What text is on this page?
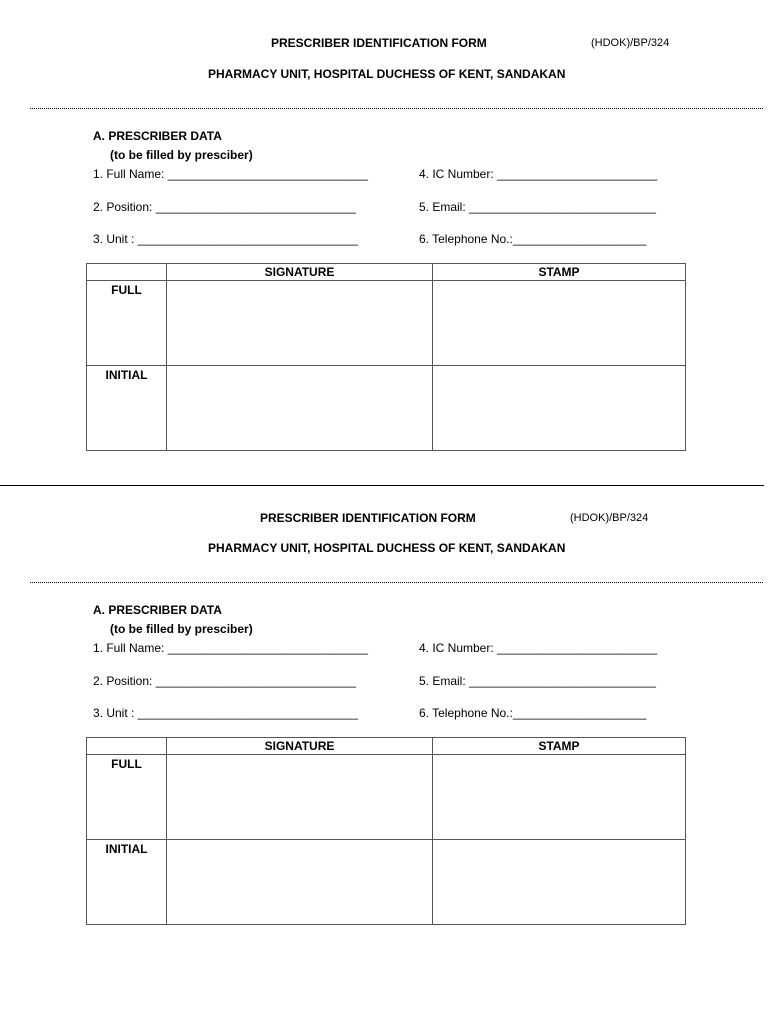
PRESCRIBER IDENTIFICATION FORM	(HDOK)/BP/324
PHARMACY UNIT, HOSPITAL DUCHESS OF KENT, SANDAKAN
A. PRESCRIBER DATA
(to be filled by presciber)
1. Full Name: ______________________________	4. IC Number: ________________________
2. Position: ______________________________	5. Email: ____________________________
3. Unit : _________________________________	6. Telephone No.:____________________
	SIGNATURE	STAMP
FULL		
INITIAL		
PRESCRIBER IDENTIFICATION FORM	(HDOK)/BP/324
PHARMACY UNIT, HOSPITAL DUCHESS OF KENT, SANDAKAN
A. PRESCRIBER DATA
(to be filled by presciber)
1. Full Name: ______________________________	4. IC Number: ________________________
2. Position: ______________________________	5. Email: ____________________________
3. Unit : _________________________________	6. Telephone No.:____________________
	SIGNATURE	STAMP
FULL		
INITIAL		
